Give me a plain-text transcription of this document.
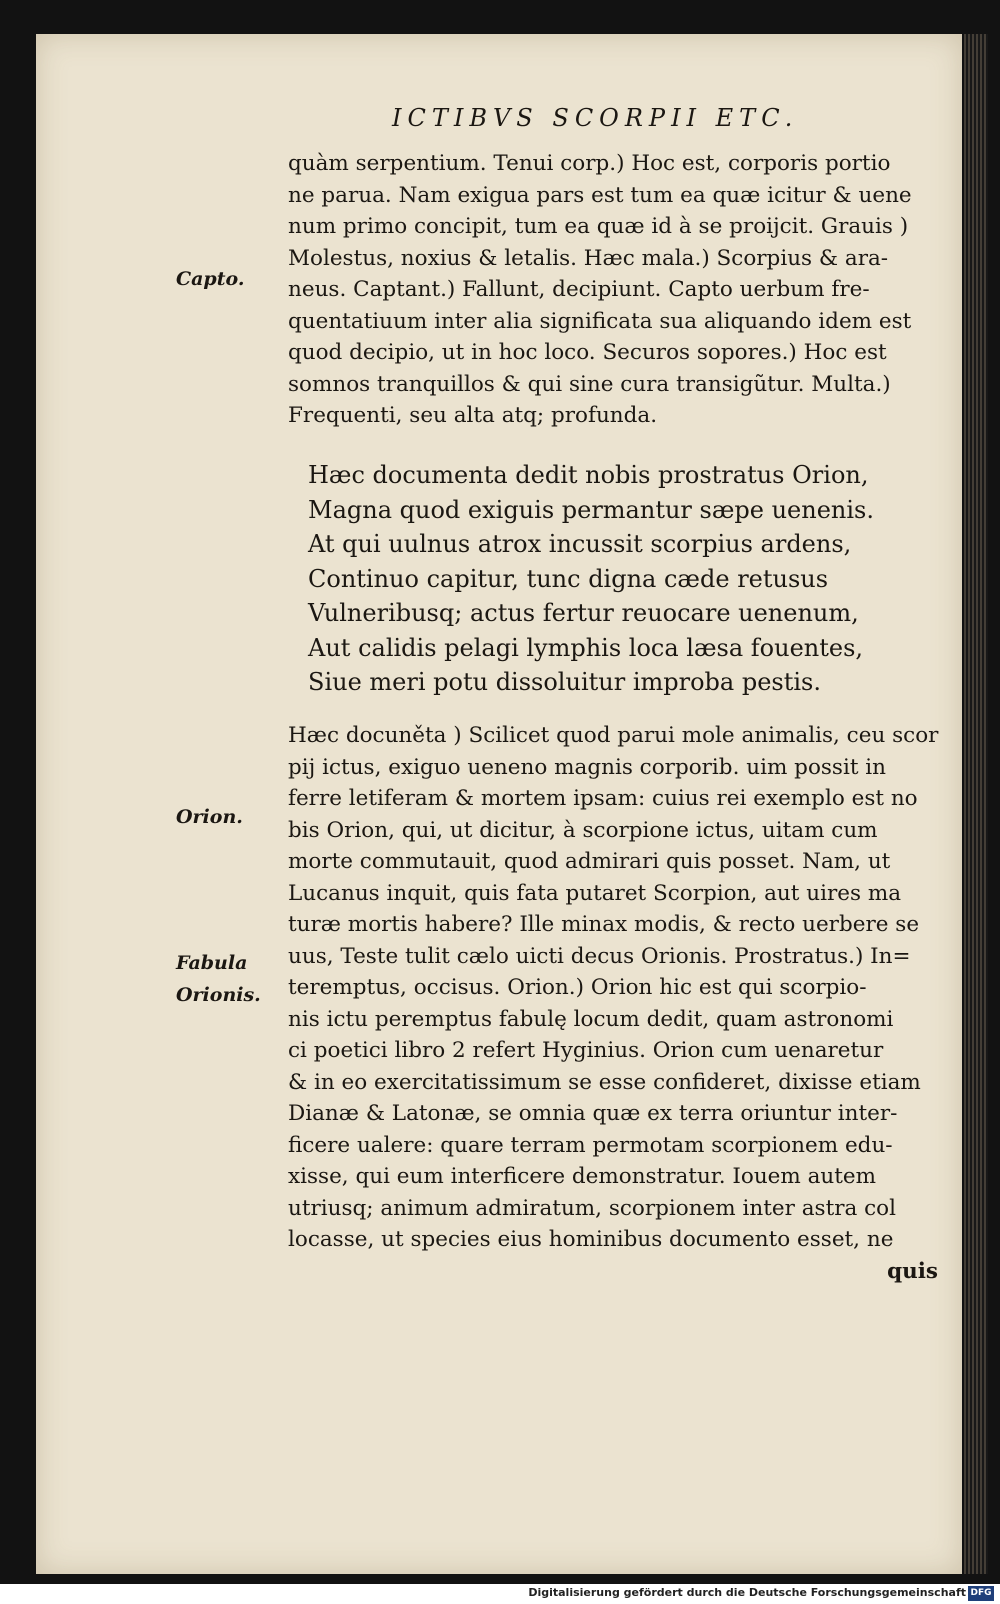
ICTIBVS SCORPII ETC.
Capto.
Orion.
Fabula
Orionis.
quàm serpentium. Tenui corp.) Hoc est, corporis portio
ne parua. Nam exigua pars est tum ea quæ icitur & uene
num primo concipit, tum ea quæ id à se proijcit. Grauis )
Molestus, noxius & letalis. Hæc mala.) Scorpius & ara-
neus. Captant.) Fallunt, decipiunt. Capto uerbum fre-
quentatiuum inter alia significata sua aliquando idem est
quod decipio, ut in hoc loco. Securos sopores.) Hoc est
somnos tranquillos & qui sine cura transigũtur. Multa.)
Frequenti, seu alta atq; profunda.
Hæc documenta dedit nobis prostratus Orion,
Magna quod exiguis permantur sæpe uenenis.
At qui uulnus atrox incussit scorpius ardens,
Continuo capitur, tunc digna cæde retusus
Vulneribusq; actus fertur reuocare uenenum,
Aut calidis pelagi lymphis loca læsa fouentes,
Siue meri potu dissoluitur improba pestis.
Hæc docuněta ) Scilicet quod parui mole animalis, ceu scor
pij ictus, exiguo ueneno magnis corporib. uim possit in
ferre letiferam & mortem ipsam: cuius rei exemplo est no
bis Orion, qui, ut dicitur, à scorpione ictus, uitam cum
morte commutauit, quod admirari quis posset. Nam, ut
Lucanus inquit, quis fata putaret Scorpion, aut uires ma
turæ mortis habere? Ille minax modis, & recto uerbere se
uus, Teste tulit cælo uicti decus Orionis. Prostratus.) In=
teremptus, occisus. Orion.) Orion hic est qui scorpio-
nis ictu peremptus fabulę locum dedit, quam astronomi
ci poetici libro 2 refert Hyginius. Orion cum uenaretur
& in eo exercitatissimum se esse confideret, dixisse etiam
Dianæ & Latonæ, se omnia quæ ex terra oriuntur inter-
ficere ualere: quare terram permotam scorpionem edu-
xisse, qui eum interficere demonstratur. Iouem autem
utriusq; animum admiratum, scorpionem inter astra col
locasse, ut species eius hominibus documento esset, ne
quis
Digitalisierung gefördert durch die Deutsche Forschungsgemeinschaft DFG
